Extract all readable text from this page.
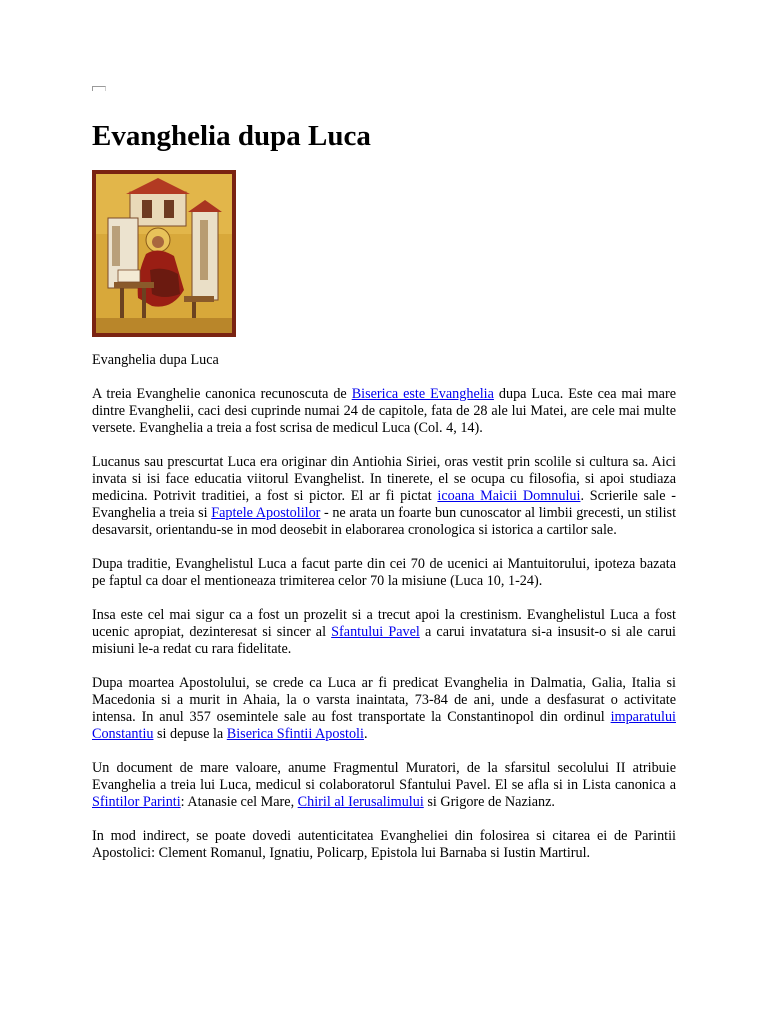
Evanghelia dupa Luca

Evanghelia dupa Luca

A treia Evanghelie canonica recunoscuta de Biserica este Evanghelia dupa Luca. Este cea mai mare dintre Evanghelii, caci desi cuprinde numai 24 de capitole, fata de 28 ale lui Matei, are cele mai multe versete. Evanghelia a treia a fost scrisa de medicul Luca (Col. 4, 14).

Lucanus sau prescurtat Luca era originar din Antiohia Siriei, oras vestit prin scolile si cultura sa. Aici invata si isi face educatia viitorul Evanghelist. In tinerete, el se ocupa cu filosofia, si apoi studiaza medicina. Potrivit traditiei, a fost si pictor. El ar fi pictat icoana Maicii Domnului. Scrierile sale - Evanghelia a treia si Faptele Apostolilor - ne arata un foarte bun cunoscator al limbii grecesti, un stilist desavarsit, orientandu-se in mod deosebit in elaborarea cronologica si istorica a cartilor sale.

Dupa traditie, Evanghelistul Luca a facut parte din cei 70 de ucenici ai Mantuitorului, ipoteza bazata pe faptul ca doar el mentioneaza trimiterea celor 70 la misiune (Luca 10, 1-24).

Insa este cel mai sigur ca a fost un prozelit si a trecut apoi la crestinism. Evanghelistul Luca a fost ucenic apropiat, dezinteresat si sincer al Sfantului Pavel a carui invatatura si-a insusit-o si ale carui misiuni le-a redat cu rara fidelitate.

Dupa moartea Apostolului, se crede ca Luca ar fi predicat Evanghelia in Dalmatia, Galia, Italia si Macedonia si a murit in Ahaia, la o varsta inaintata, 73-84 de ani, unde a desfasurat o activitate intensa. In anul 357 osemintele sale au fost transportate la Constantinopol din ordinul imparatului Constantiu si depuse la Biserica Sfintii Apostoli.

Un document de mare valoare, anume Fragmentul Muratori, de la sfarsitul secolului II atribuie Evanghelia a treia lui Luca, medicul si colaboratorul Sfantului Pavel. El se afla si in Lista canonica a Sfintilor Parinti: Atanasie cel Mare, Chiril al Ierusalimului si Grigore de Nazianz.

In mod indirect, se poate dovedi autenticitatea Evangheliei din folosirea si citarea ei de Parintii Apostolici: Clement Romanul, Ignatiu, Policarp, Epistola lui Barnaba si Iustin Martirul.
